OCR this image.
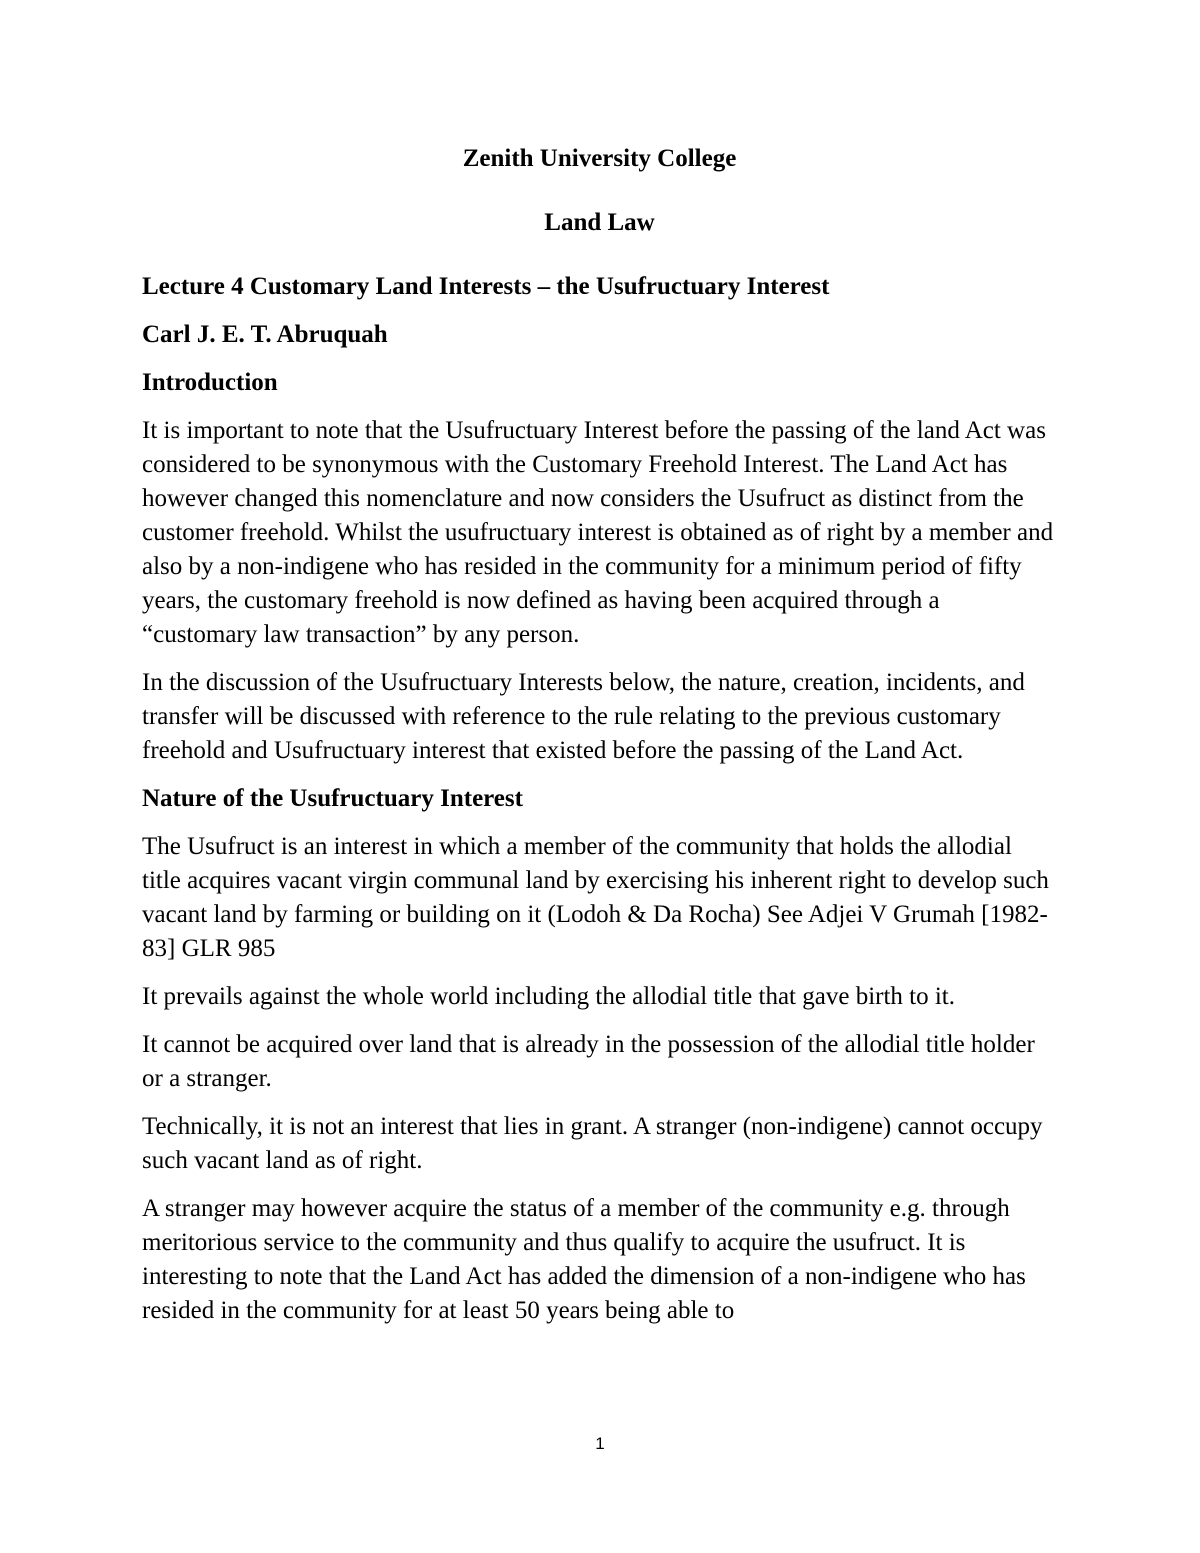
Zenith University College

Land Law

Lecture 4 Customary Land Interests – the Usufructuary Interest

Carl J. E. T. Abruquah

Introduction

It is important to note that the Usufructuary Interest before the passing of the land Act was considered to be synonymous with the Customary Freehold Interest. The Land Act has however changed this nomenclature and now considers the Usufruct as distinct from the customer freehold. Whilst the usufructuary interest is obtained as of right by a member and also by a non-indigene who has resided in the community for a minimum period of fifty years, the customary freehold is now defined as having been acquired through a “customary law transaction” by any person.

In the discussion of the Usufructuary Interests below, the nature, creation, incidents, and transfer will be discussed with reference to the rule relating to the previous customary freehold and Usufructuary interest that existed before the passing of the Land Act.

Nature of the Usufructuary Interest

The Usufruct is an interest in which a member of the community that holds the allodial title acquires vacant virgin communal land by exercising his inherent right to develop such vacant land by farming or building on it (Lodoh & Da Rocha) See Adjei V Grumah [1982-83] GLR 985

It prevails against the whole world including the allodial title that gave birth to it.

It cannot be acquired over land that is already in the possession of the allodial title holder or a stranger.

Technically, it is not an interest that lies in grant. A stranger (non-indigene) cannot occupy such vacant land as of right.

A stranger may however acquire the status of a member of the community e.g. through meritorious service to the community and thus qualify to acquire the usufruct. It is interesting to note that the Land Act has added the dimension of a non-indigene who has resided in the community for at least 50 years being able to

1
